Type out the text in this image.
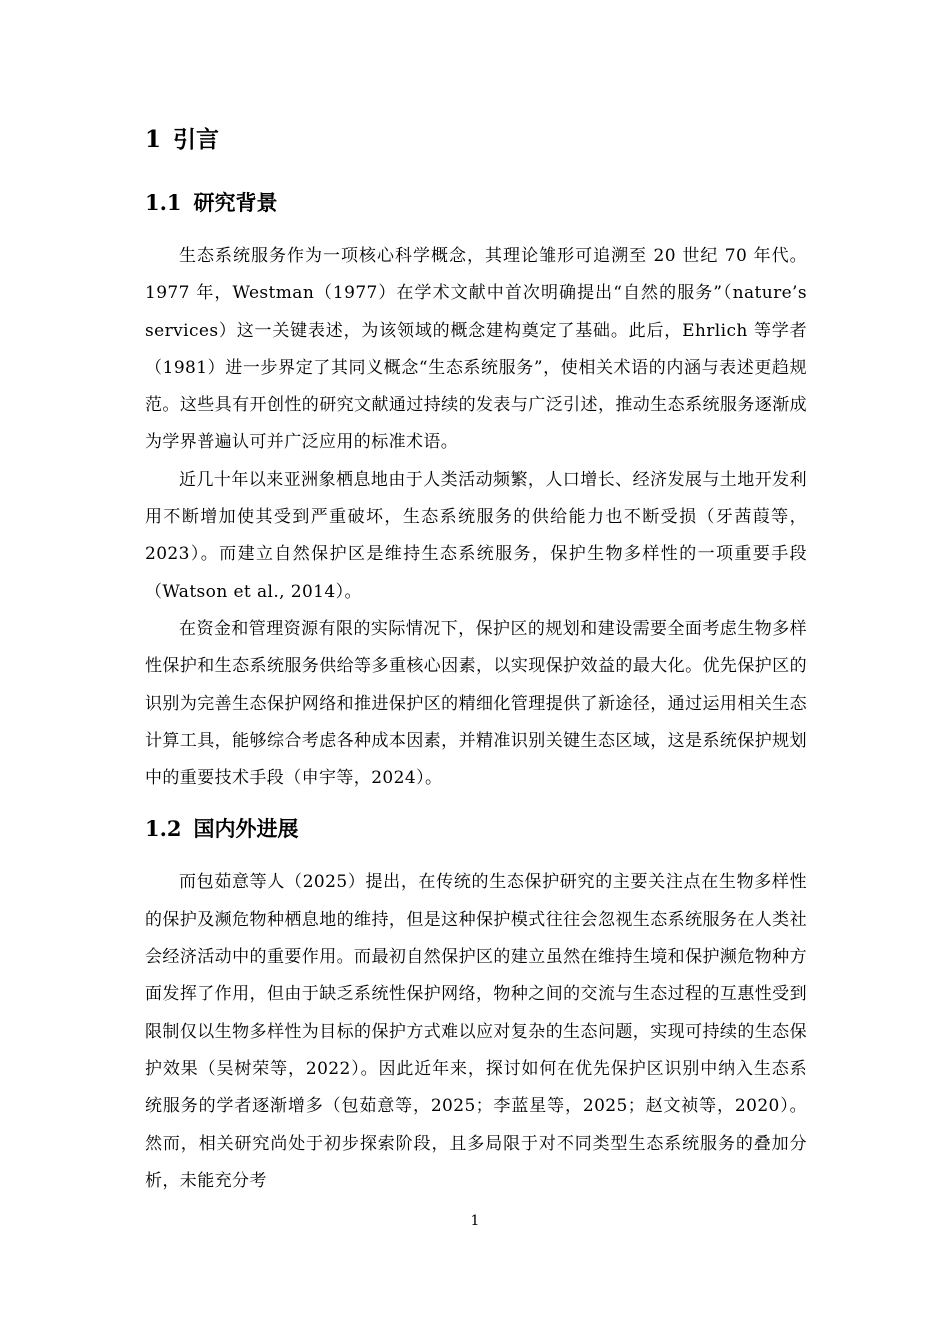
1 引言
1.1 研究背景

生态系统服务作为一项核心科学概念，其理论雏形可追溯至 20 世纪 70 年代。1977 年，Westman（1977）在学术文献中首次明确提出“自然的服务”（nature’s services）这一关键表述，为该领域的概念建构奠定了基础。此后，Ehrlich 等学者（1981）进一步界定了其同义概念“生态系统服务”，使相关术语的内涵与表述更趋规范。这些具有开创性的研究文献通过持续的发表与广泛引述，推动生态系统服务逐渐成为学界普遍认可并广泛应用的标准术语。

近几十年以来亚洲象栖息地由于人类活动频繁，人口增长、经济发展与土地开发利用不断增加使其受到严重破坏，生态系统服务的供给能力也不断受损（牙茜葭等，2023）。而建立自然保护区是维持生态系统服务，保护生物多样性的一项重要手段（Watson et al., 2014）。

在资金和管理资源有限的实际情况下，保护区的规划和建设需要全面考虑生物多样性保护和生态系统服务供给等多重核心因素，以实现保护效益的最大化。优先保护区的识别为完善生态保护网络和推进保护区的精细化管理提供了新途径，通过运用相关生态计算工具，能够综合考虑各种成本因素，并精准识别关键生态区域，这是系统保护规划中的重要技术手段（申宇等，2024）。

1.2 国内外进展

而包茹意等人（2025）提出，在传统的生态保护研究的主要关注点在生物多样性的保护及濒危物种栖息地的维持，但是这种保护模式往往会忽视生态系统服务在人类社会经济活动中的重要作用。而最初自然保护区的建立虽然在维持生境和保护濒危物种方面发挥了作用，但由于缺乏系统性保护网络，物种之间的交流与生态过程的互惠性受到限制仅以生物多样性为目标的保护方式难以应对复杂的生态问题，实现可持续的生态保护效果（吴树荣等，2022）。因此近年来，探讨如何在优先保护区识别中纳入生态系统服务的学者逐渐增多（包茹意等，2025；李蓝星等，2025；赵文祯等，2020）。然而，相关研究尚处于初步探索阶段，且多局限于对不同类型生态系统服务的叠加分析，未能充分考

1
